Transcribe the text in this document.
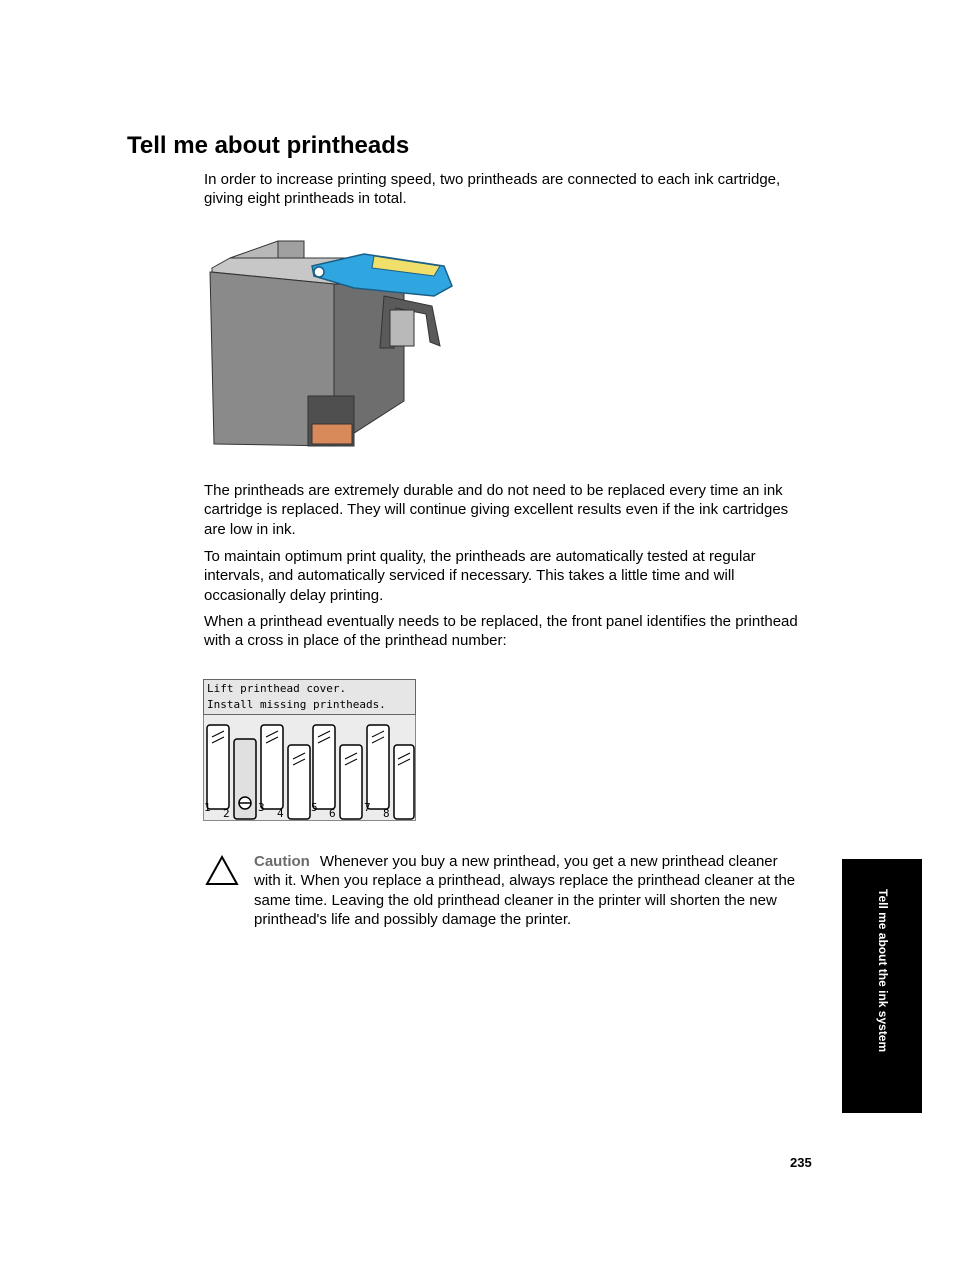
Tell me about printheads

In order to increase printing speed, two printheads are connected to each ink cartridge, giving eight printheads in total.

The printheads are extremely durable and do not need to be replaced every time an ink cartridge is replaced. They will continue giving excellent results even if the ink cartridges are low in ink.

To maintain optimum print quality, the printheads are automatically tested at regular intervals, and automatically serviced if necessary. This takes a little time and will occasionally delay printing.

When a printhead eventually needs to be replaced, the front panel identifies the printhead with a cross in place of the printhead number:

Lift printhead cover.
Install missing printheads.
1	3 4 5 6	7 8
2

Caution Whenever you buy a new printhead, you get a new printhead cleaner with it. When you replace a printhead, always replace the printhead cleaner at the same time. Leaving the old printhead cleaner in the printer will shorten the new printhead's life and possibly damage the printer.	Tell me about the ink system
235
